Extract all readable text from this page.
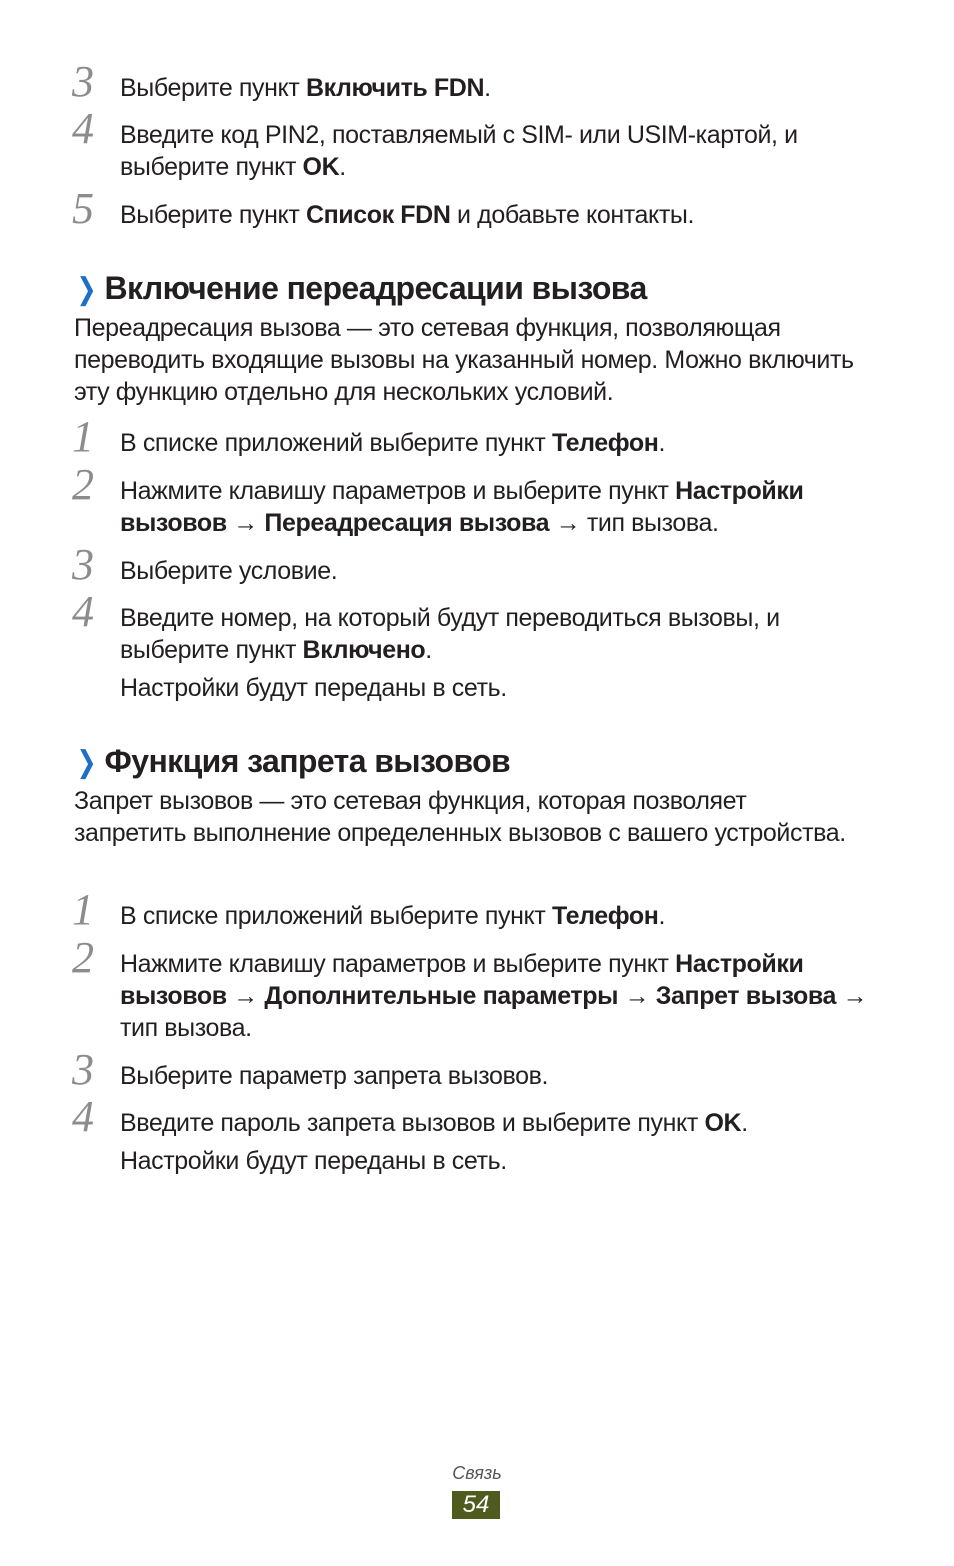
3	Выберите пункт Включить FDN.
4	Введите код PIN2, поставляемый с SIM- или USIM-картой, и выберите пункт OK.
5	Выберите пункт Список FDN и добавьте контакты.
❯ Включение переадресации вызова
Переадресация вызова — это сетевая функция, позволяющая переводить входящие вызовы на указанный номер. Можно включить эту функцию отдельно для нескольких условий.
1	В списке приложений выберите пункт Телефон.
2	Нажмите клавишу параметров и выберите пункт Настройки вызовов → Переадресация вызова → тип вызова.
3	Выберите условие.
4	Введите номер, на который будут переводиться вызовы, и выберите пункт Включено.
Настройки будут переданы в сеть.
❯ Функция запрета вызовов
Запрет вызовов — это сетевая функция, которая позволяет запретить выполнение определенных вызовов с вашего устройства.
1	В списке приложений выберите пункт Телефон.
2	Нажмите клавишу параметров и выберите пункт Настройки вызовов → Дополнительные параметры → Запрет вызова → тип вызова.
3	Выберите параметр запрета вызовов.
4	Введите пароль запрета вызовов и выберите пункт OK.
Настройки будут переданы в сеть.
Связь
54
